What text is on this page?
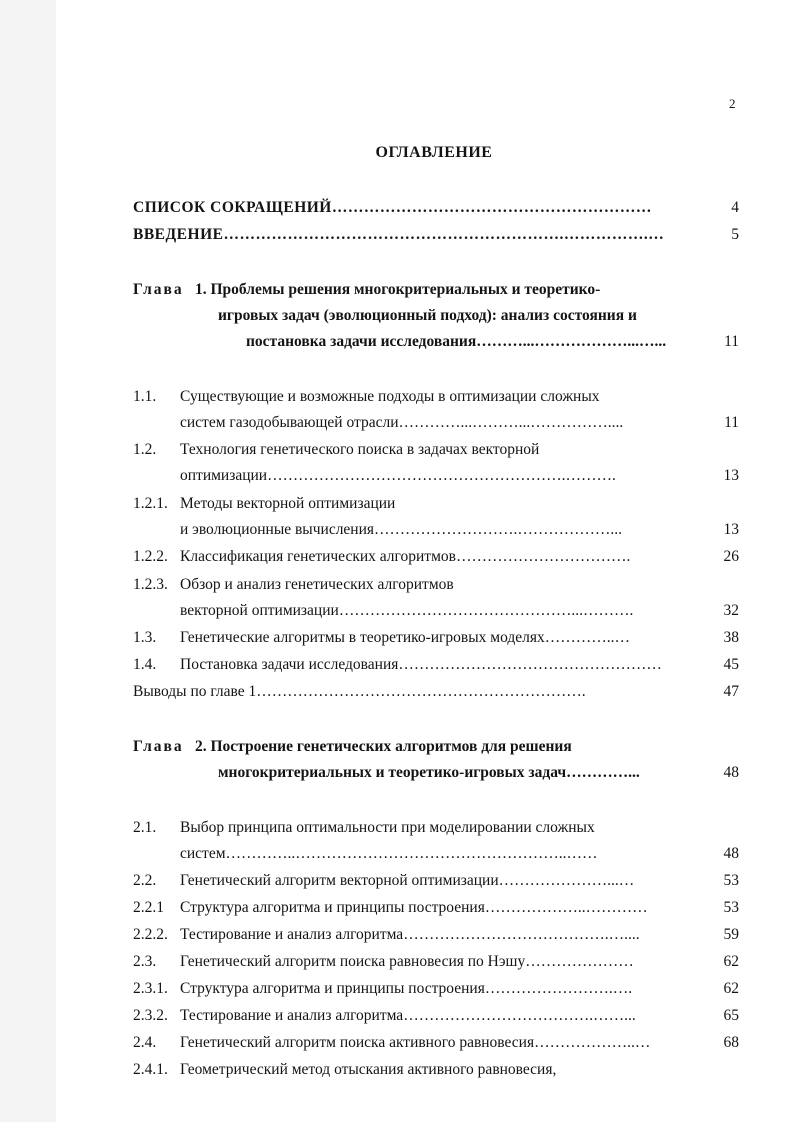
2
ОГЛАВЛЕНИЕ
СПИСОК СОКРАЩЕНИЙ……………………………………………………	4
ВВЕДЕНИЕ……………………………………………………….…………….…	5
Глава 1. Проблемы решения многокритериальных и теоретико-
игровых задач (эволюционный подход): анализ состояния и
постановка задачи исследования………...………………...…...	11
1.1. Существующие и возможные подходы в оптимизации сложных
систем газодобывающей отрасли…………...………...……………....	11
1.2. Технология генетического поиска в задачах векторной
оптимизации………………………………………………….……….	13
1.2.1. Методы векторной оптимизации
и эволюционные вычисления……………………….………………...	13
1.2.2. Классификация генетических алгоритмов…………………………….	26
1.2.3. Обзор и анализ генетических алгоритмов
векторной оптимизации………………………………………...……….	32
1.3. Генетические алгоритмы в теоретико-игровых моделях…………..…	38
1.4. Постановка задачи исследования……………………………………………	45
Выводы по главе 1……………………………………………………….	47
Глава 2. Построение генетических алгоритмов для решения
многокритериальных и теоретико-игровых задач…………...	48
2.1. Выбор принципа оптимальности при моделировании сложных
систем…………..……………………………………………..……	48
2.2. Генетический алгоритм векторной оптимизации…………………...…	53
2.2.1 Структура алгоритма и принципы построения………………..…………	53
2.2.2. Тестирование и анализ алгоритма………………………………….…....	59
2.3. Генетический алгоритм поиска равновесия по Нэшу…………………	62
2.3.1. Структура алгоритма и принципы построения…………………….….	62
2.3.2. Тестирование и анализ алгоритма……………………………….……...	65
2.4. Генетический алгоритм поиска активного равновесия………………..…	68
2.4.1. Геометрический метод отыскания активного равновесия,
